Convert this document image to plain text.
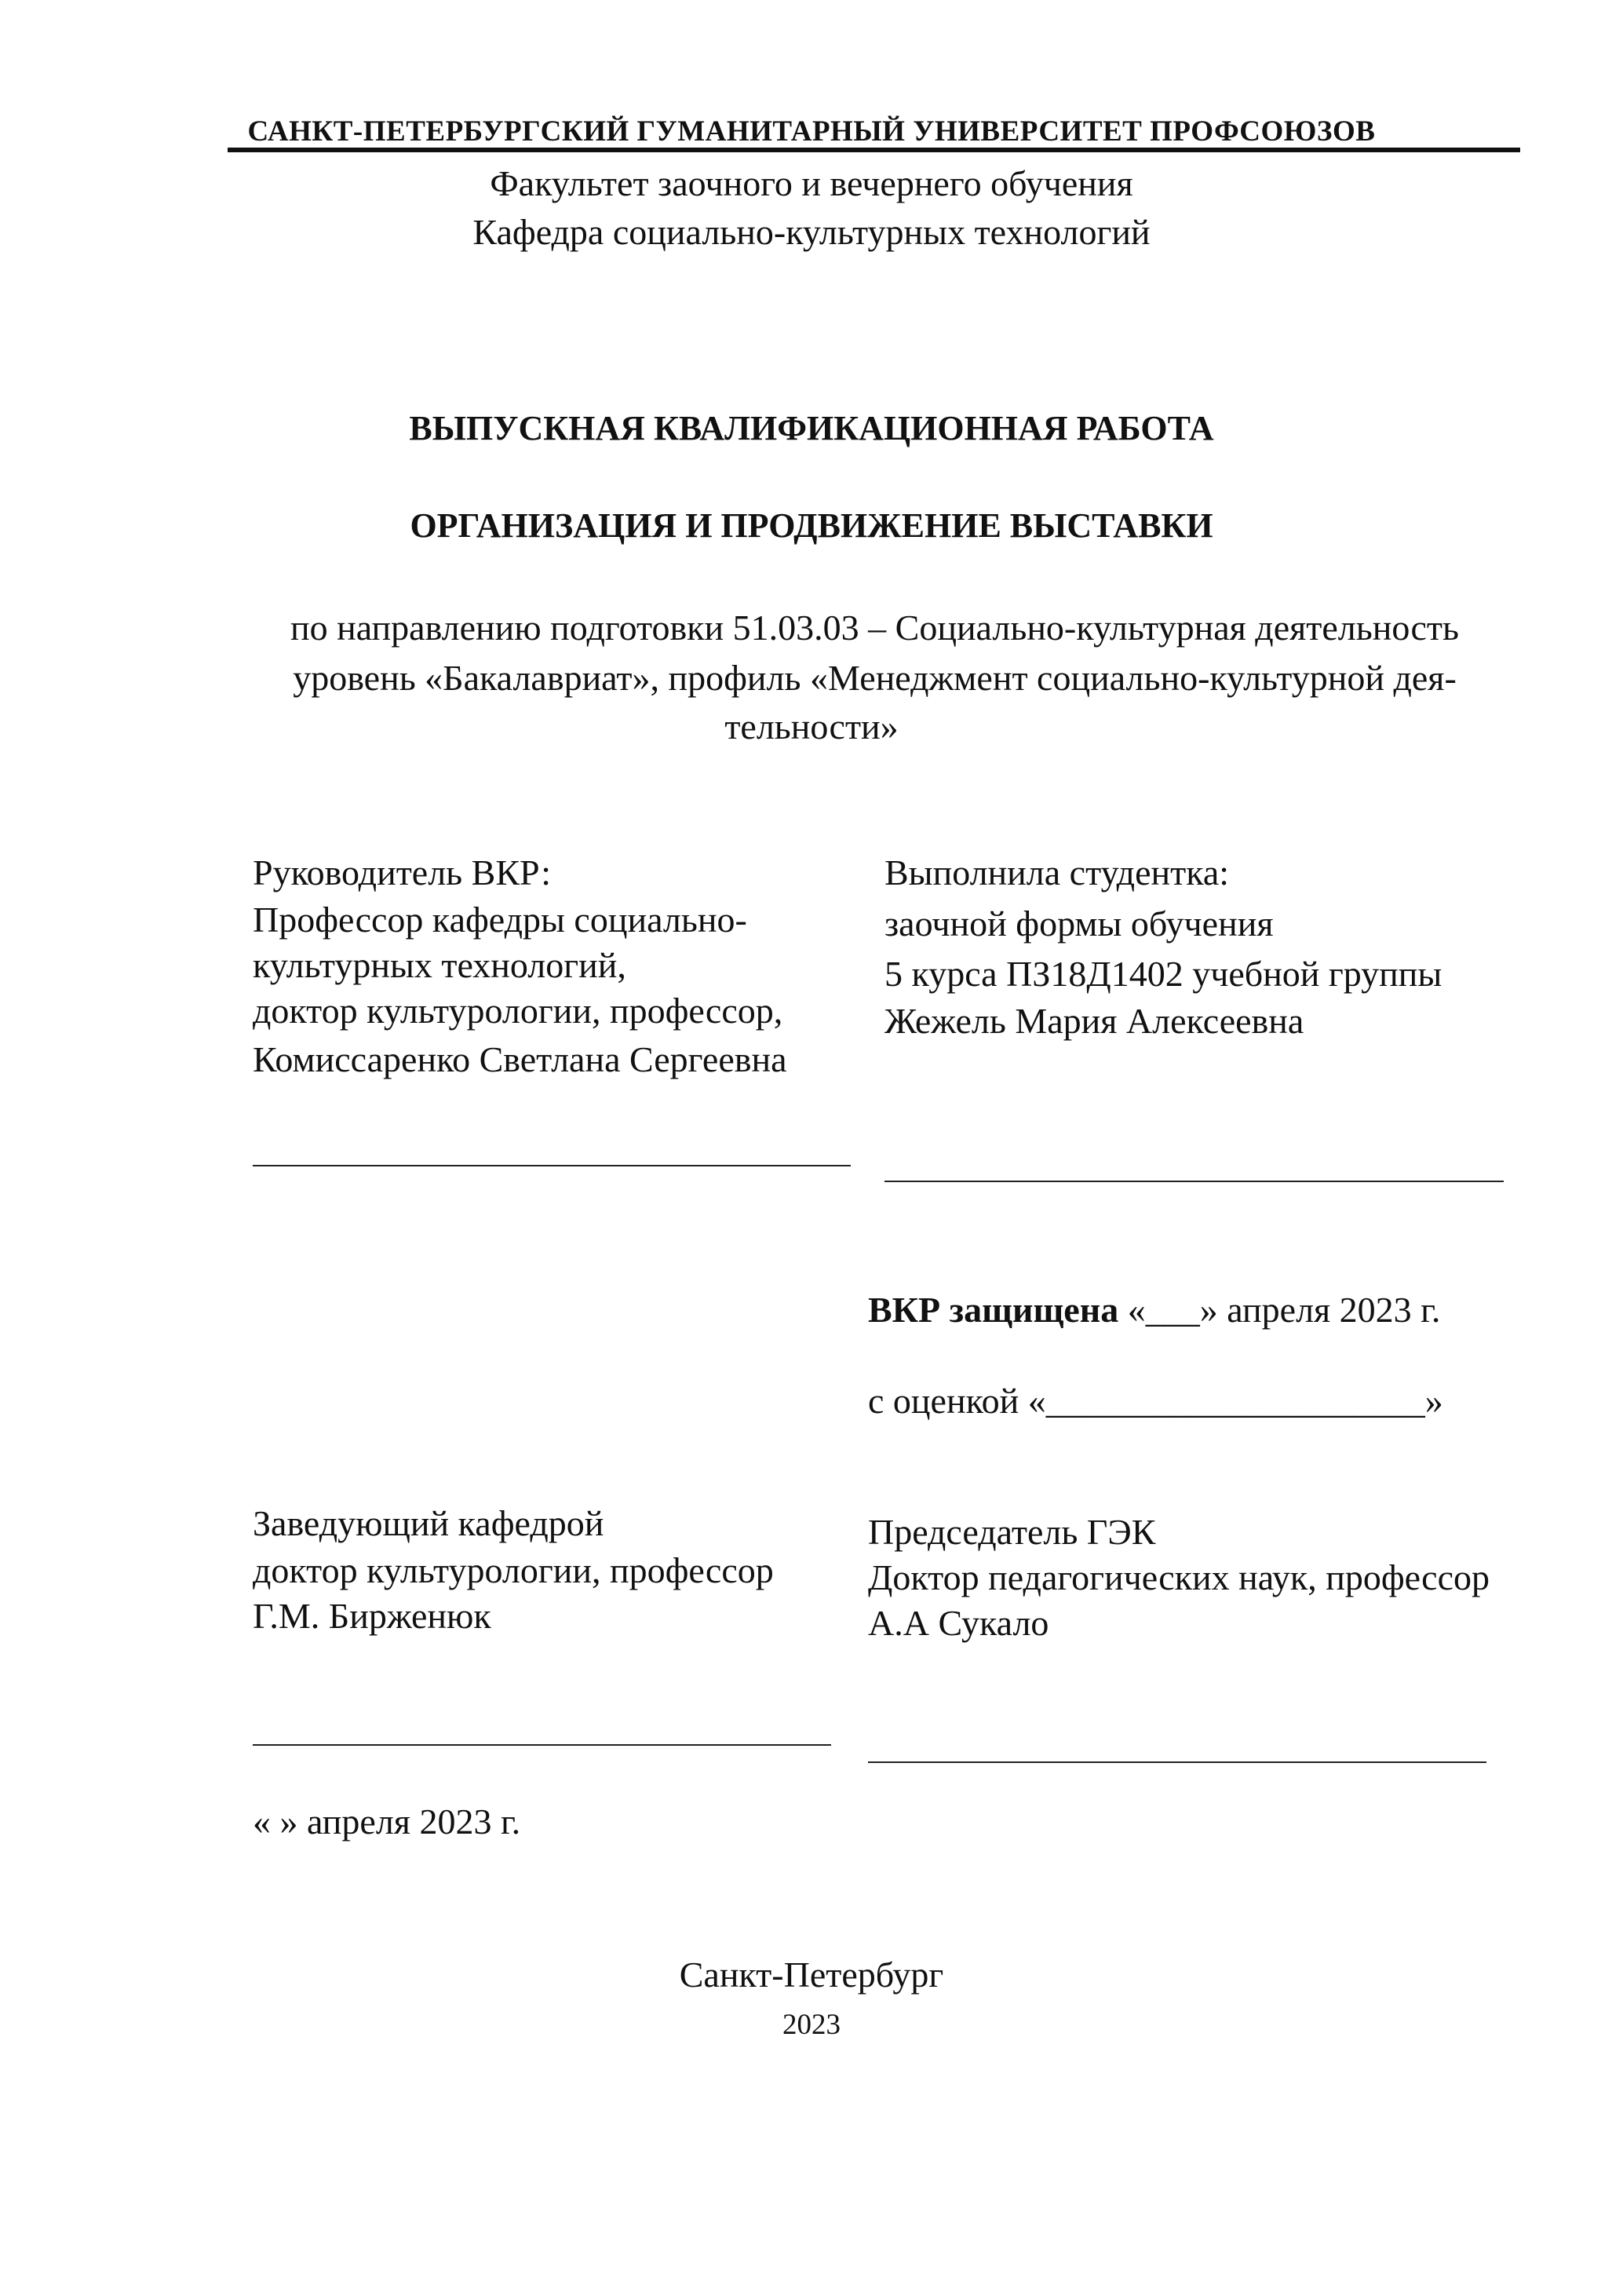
САНКТ-ПЕТЕРБУРГСКИЙ ГУМАНИТАРНЫЙ УНИВЕРСИТЕТ ПРОФСОЮЗОВ
Факультет заочного и вечернего обучения
Кафедра социально-культурных технологий
ВЫПУСКНАЯ КВАЛИФИКАЦИОННАЯ РАБОТА
ОРГАНИЗАЦИЯ И ПРОДВИЖЕНИЕ ВЫСТАВКИ
по направлению подготовки 51.03.03 – Социально-культурная деятельность
уровень «Бакалавриат», профиль «Менеджмент социально-культурной дея-
тельности»
Руководитель ВКР:
Профессор кафедры социально-
культурных технологий,
доктор культурологии, профессор,
Комиссаренко Светлана Сергеевна
Выполнила студентка:
заочной формы обучения
5 курса ПЗ18Д1402 учебной группы
Жежель Мария Алексеевна
ВКР защищена «___» апреля 2023 г.
с оценкой «_____________________»
Заведующий кафедрой
доктор культурологии, профессор
Г.М. Бирженюк
« » апреля 2023 г.
Председатель ГЭК
Доктор педагогических наук, профессор
А.А Сукало
Санкт-Петербург
2023
